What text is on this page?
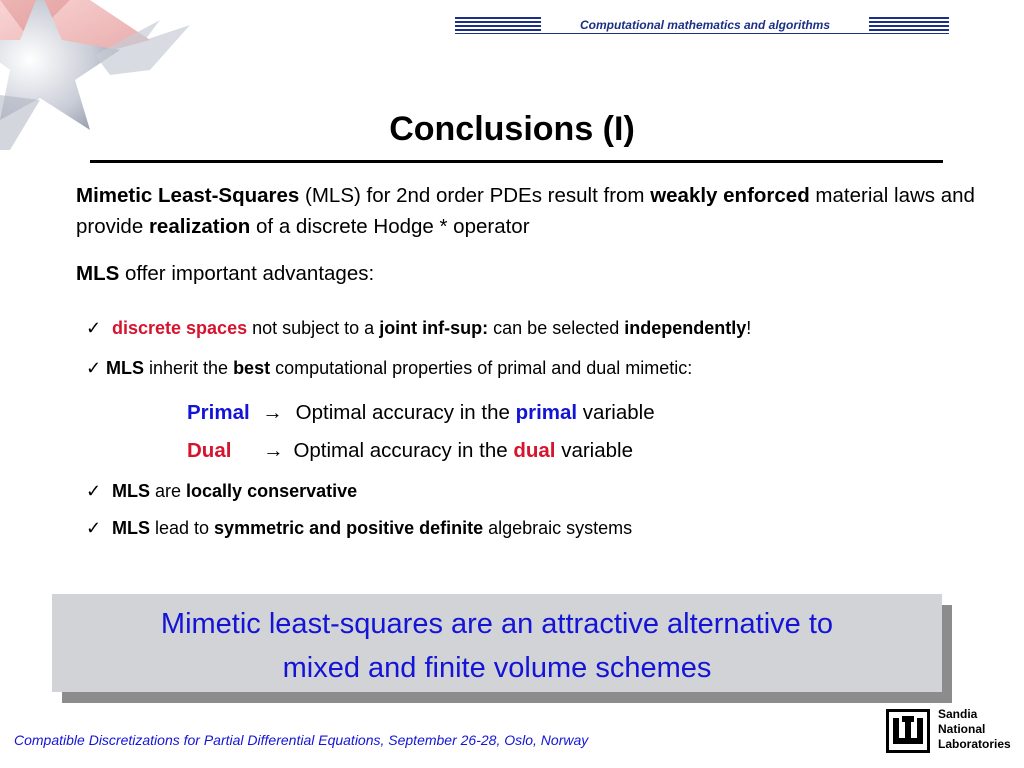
Computational mathematics and algorithms
Conclusions (I)
Mimetic Least-Squares (MLS) for 2nd order PDEs result from weakly enforced material laws and provide realization of a discrete Hodge * operator
MLS offer important advantages:
✓ discrete spaces not subject to a joint inf-sup: can be selected independently!
✓ MLS inherit the best computational properties of primal and dual mimetic:
Primal → Optimal accuracy in the primal variable
Dual → Optimal accuracy in the dual variable
✓ MLS are locally conservative
✓ MLS lead to symmetric and positive definite algebraic systems
Mimetic least-squares are an attractive alternative to
mixed and finite volume schemes
Compatible Discretizations for Partial Differential Equations, September 26-28, Oslo, Norway
Sandia
National
Laboratories
